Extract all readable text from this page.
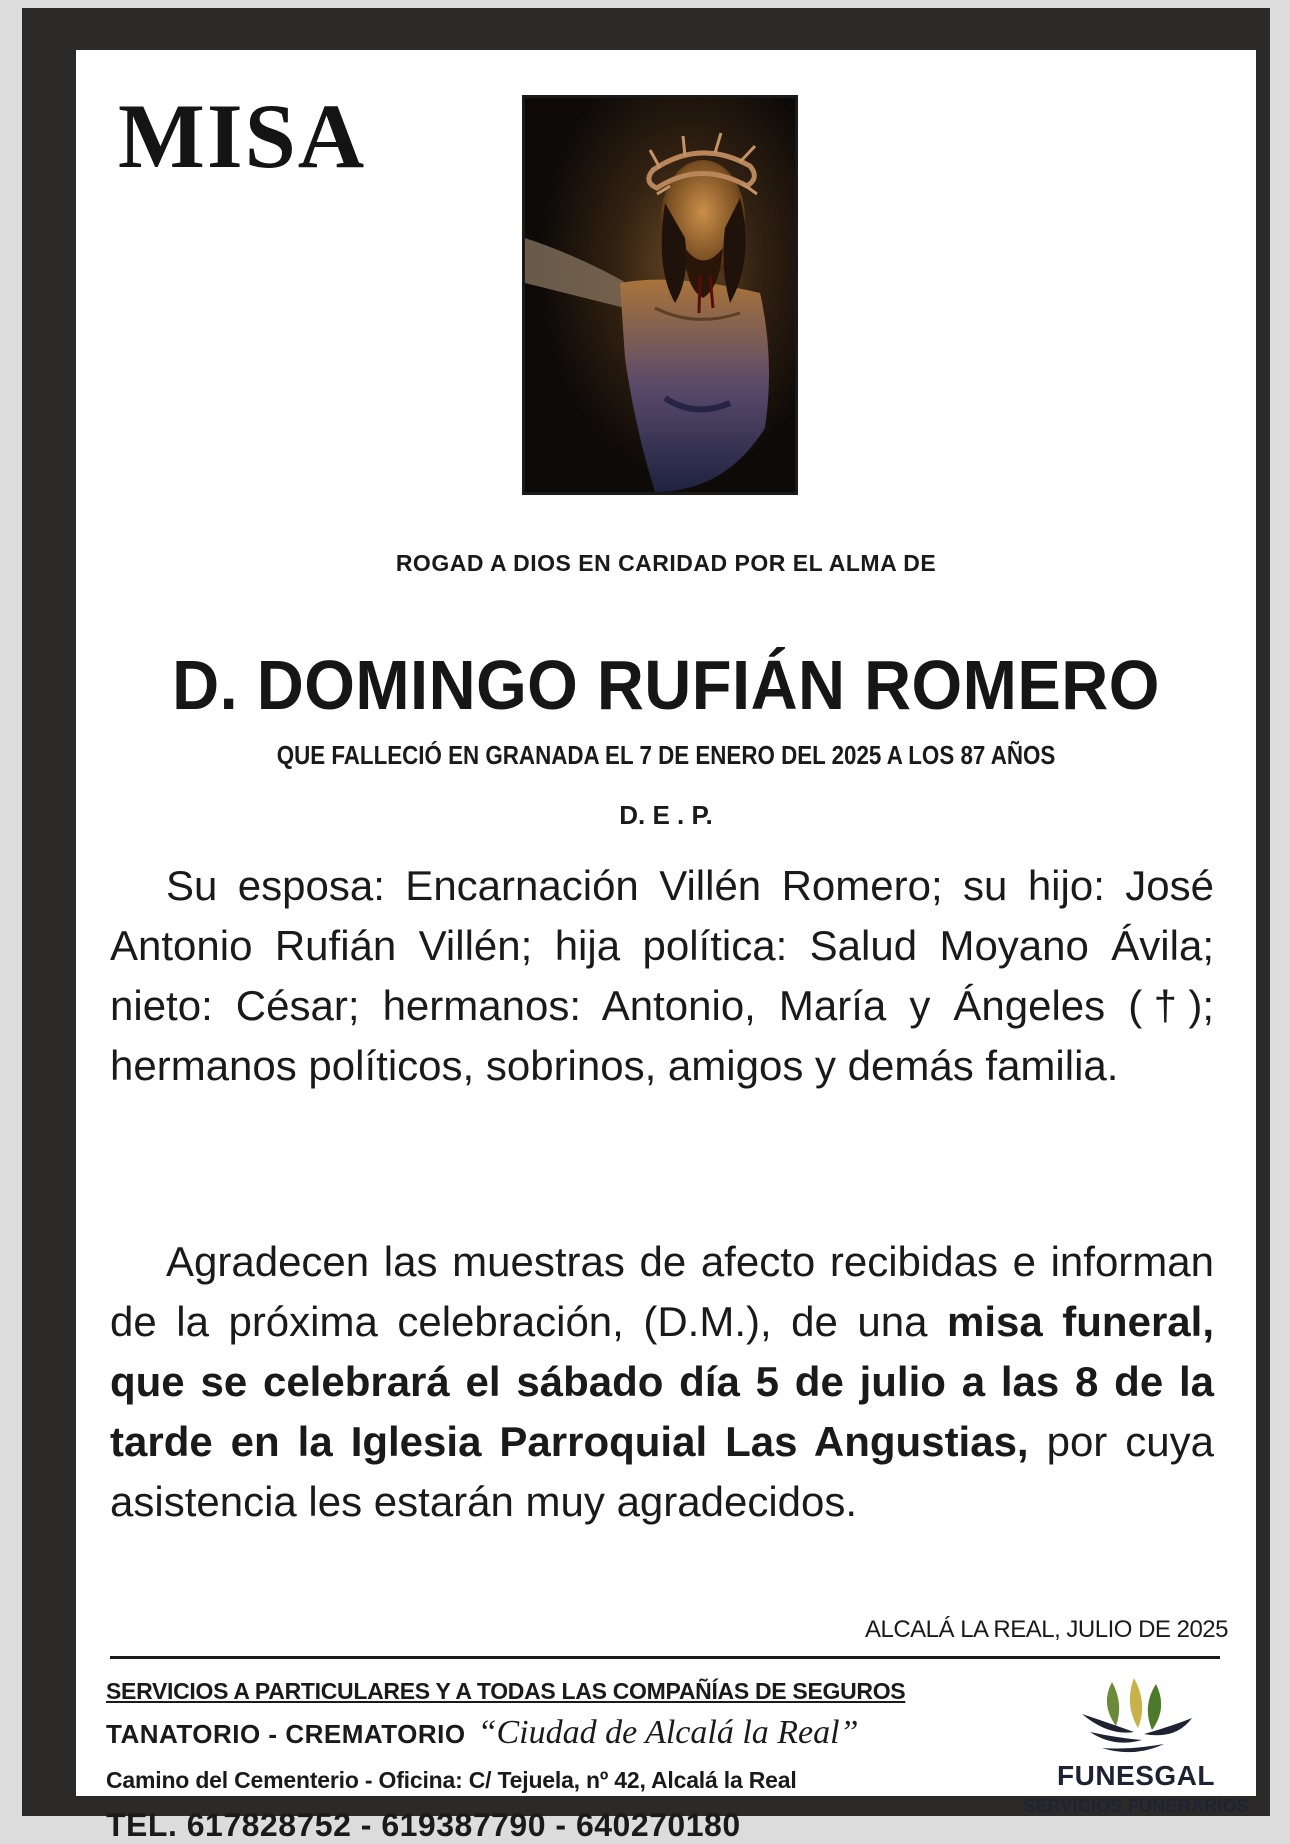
MISA
ROGAD A DIOS EN CARIDAD POR EL ALMA DE
D. DOMINGO RUFIÁN ROMERO
QUE FALLECIÓ EN GRANADA EL 7 DE ENERO DEL 2025 A LOS 87 AÑOS
D. E . P.
Su esposa: Encarnación Villén Romero; su hijo: José Antonio Rufián Villén; hija política: Salud Moyano Ávila; nieto: César; hermanos: Antonio, María y Ángeles (†); hermanos políticos, sobrinos, amigos y demás familia.
Agradecen las muestras de afecto recibidas e informan de la próxima celebración, (D.M.), de una misa funeral, que se celebrará el sábado día 5 de julio a las 8 de la tarde en la Iglesia Parroquial Las Angustias, por cuya asistencia les estarán muy agradecidos.
ALCALÁ LA REAL, JULIO DE 2025
SERVICIOS A PARTICULARES Y A TODAS LAS COMPAÑÍAS DE SEGUROS
TANATORIO - CREMATORIO “Ciudad de Alcalá la Real”
Camino del Cementerio - Oficina: C/ Tejuela, nº 42, Alcalá la Real
TEL. 617828752 - 619387790 - 640270180
FUNESGAL
SERVICIOS FUNERARIOS
